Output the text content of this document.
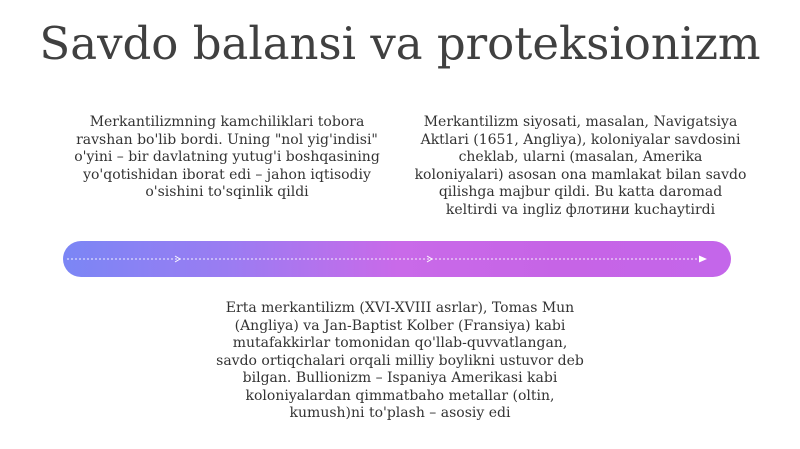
Savdo balansi va proteksionizm

Merkantilizmning kamchiliklari tobora ravshan bo'lib bordi. Uning "nol yig'indisi" o'yini – bir davlatning yutug'i boshqasining yo'qotishidan iborat edi – jahon iqtisodiy o'sishini to'sqinlik qildi

Merkantilizm siyosati, masalan, Navigatsiya Aktlari (1651, Angliya), koloniyalar savdosini cheklab, ularni (masalan, Amerika koloniyalari) asosan ona mamlakat bilan savdo qilishga majbur qildi. Bu katta daromad keltirdi va ingliz флотини kuchaytirdi

Erta merkantilizm (XVI-XVIII asrlar), Tomas Mun (Angliya) va Jan-Baptist Kolber (Fransiya) kabi mutafakkirlar tomonidan qo'llab-quvvatlangan, savdo ortiqchalari orqali milliy boylikni ustuvor deb bilgan. Bullionizm – Ispaniya Amerikasi kabi koloniyalardan qimmatbaho metallar (oltin, kumush)ni to'plash – asosiy edi
